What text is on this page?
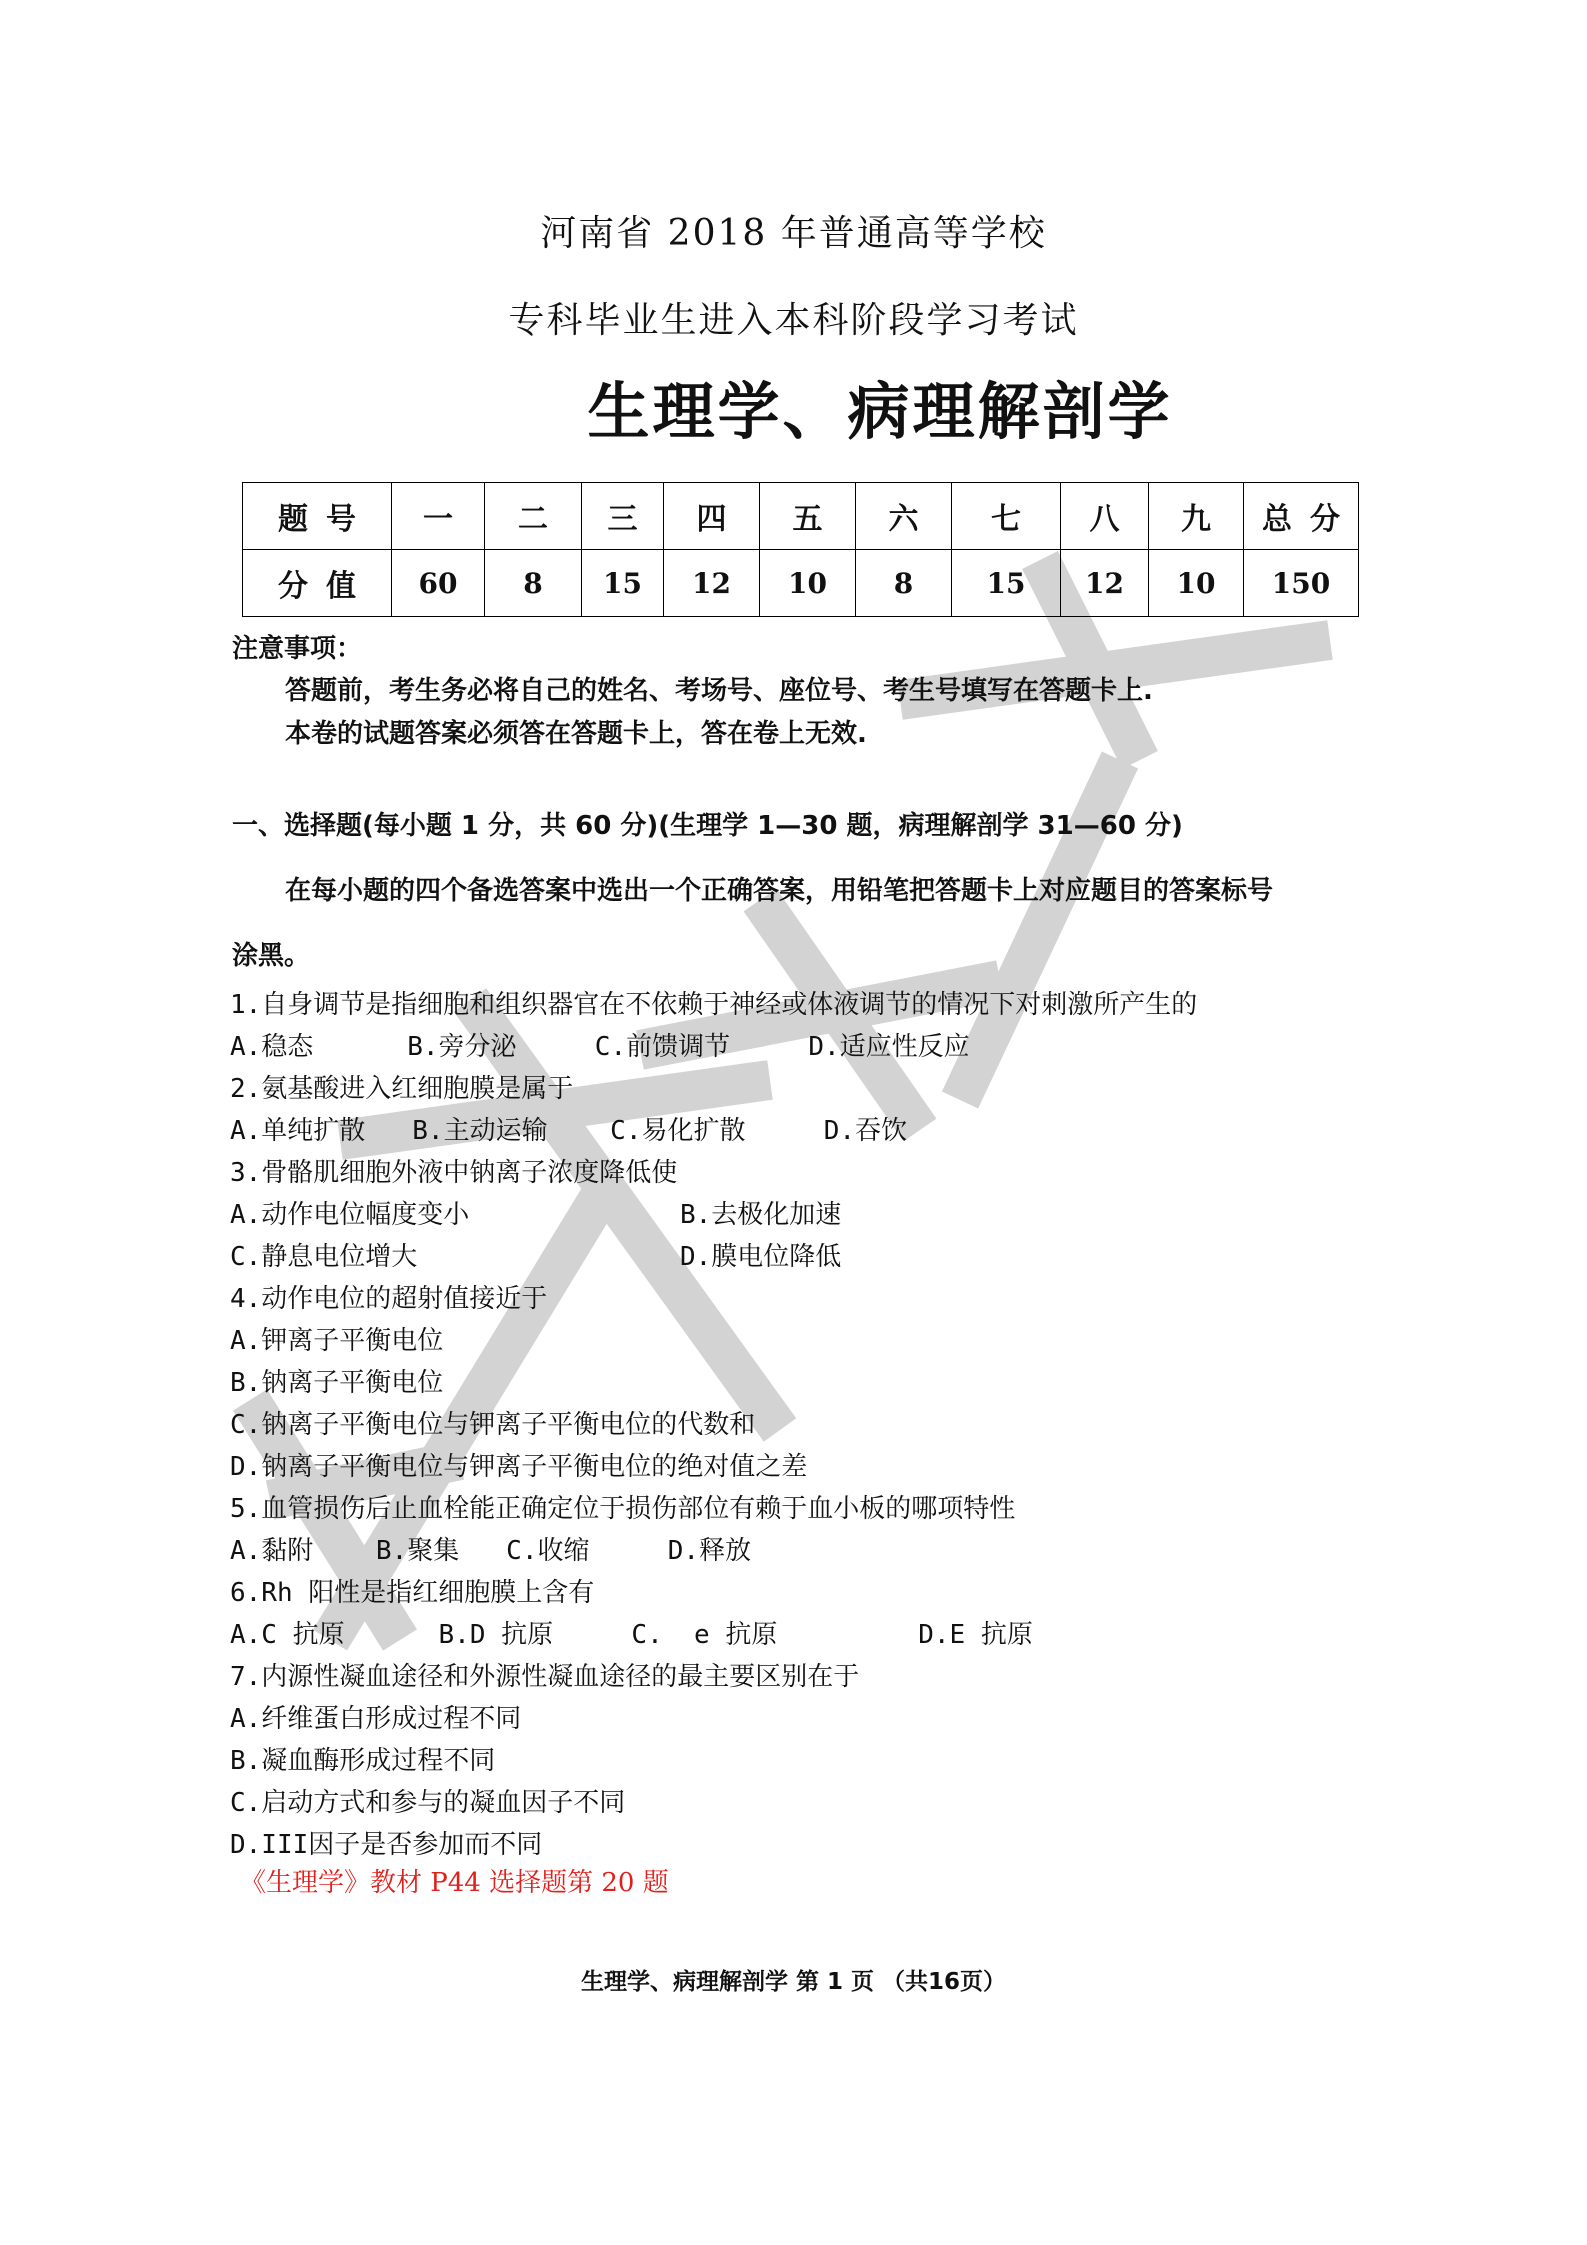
河南省 2018 年普通高等学校
专科毕业生进入本科阶段学习考试
生理学、病理解剖学
题号	一	二	三	四	五	六	七	八	九	总分
分值	60	8	15	12	10	8	15	12	10	150
注意事项：
答题前，考生务必将自己的姓名、考场号、座位号、考生号填写在答题卡上.
本卷的试题答案必须答在答题卡上，答在卷上无效.
一、选择题(每小题 1 分，共 60 分)(生理学 1—30 题，病理解剖学 31—60 分)
在每小题的四个备选答案中选出一个正确答案，用铅笔把答题卡上对应题目的答案标号
涂黑。
1.自身调节是指细胞和组织器官在不依赖于神经或体液调节的情况下对刺激所产生的
A.稳态      B.旁分泌     C.前馈调节     D.适应性反应
2.氨基酸进入红细胞膜是属于
A.单纯扩散   B.主动运输    C.易化扩散     D.吞饮
3.骨骼肌细胞外液中钠离子浓度降低使
A.动作电位幅度变小	B.去极化加速
C.静息电位增大	D.膜电位降低
4.动作电位的超射值接近于
A.钾离子平衡电位
B.钠离子平衡电位
C.钠离子平衡电位与钾离子平衡电位的代数和
D.钠离子平衡电位与钾离子平衡电位的绝对值之差
5.血管损伤后止血栓能正确定位于损伤部位有赖于血小板的哪项特性
A.黏附    B.聚集   C.收缩     D.释放
6.Rh 阳性是指红细胞膜上含有
A.C 抗原      B.D 抗原     C.  e 抗原         D.E 抗原
7.内源性凝血途径和外源性凝血途径的最主要区别在于
A.纤维蛋白形成过程不同
B.凝血酶形成过程不同
C.启动方式和参与的凝血因子不同
D.III因子是否参加而不同
《生理学》教材 P44 选择题第 20 题
生理学、病理解剖学 第 1 页 （共16页）
